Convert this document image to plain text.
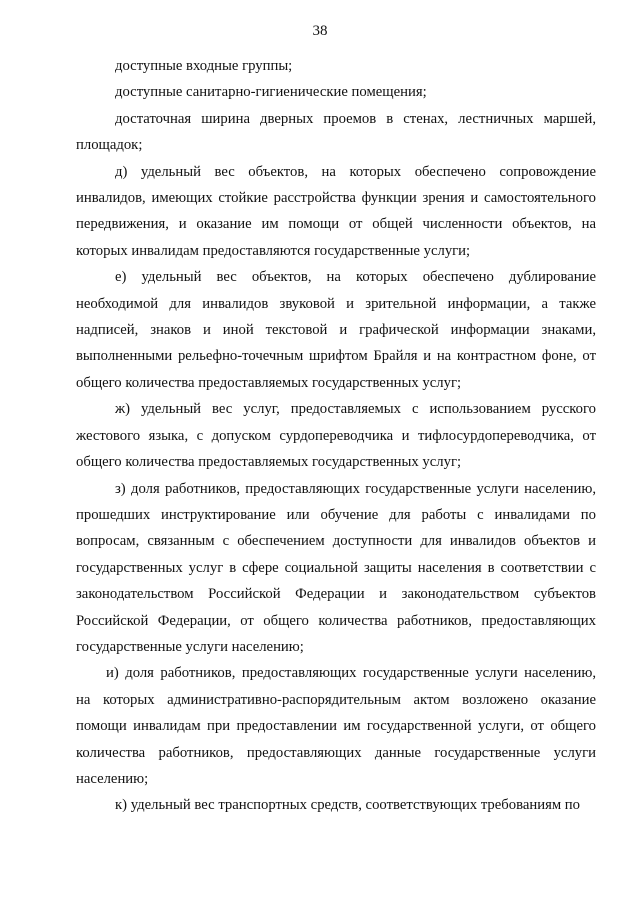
38

доступные входные группы;

доступные санитарно-гигиенические помещения;

достаточная ширина дверных проемов в стенах, лестничных маршей, площадок;

д) удельный вес объектов, на которых обеспечено сопровождение инвалидов, имеющих стойкие расстройства функции зрения и самостоятельного передвижения, и оказание им помощи от общей численности объектов, на которых инвалидам предоставляются государственные услуги;

е) удельный вес объектов, на которых обеспечено дублирование необходимой для инвалидов звуковой и зрительной информации, а также надписей, знаков и иной текстовой и графической информации знаками, выполненными рельефно-точечным шрифтом Брайля и на контрастном фоне, от общего количества предоставляемых государственных услуг;

ж) удельный вес услуг, предоставляемых с использованием русского жестового языка, с допуском сурдопереводчика и тифлосурдопереводчика, от общего количества предоставляемых государственных услуг;

з) доля работников, предоставляющих государственные услуги населению, прошедших инструктирование или обучение для работы с инвалидами по вопросам, связанным с обеспечением доступности для инвалидов объектов и государственных услуг в сфере социальной защиты населения в соответствии с законодательством Российской Федерации и законодательством субъектов Российской Федерации, от общего количества работников, предоставляющих государственные услуги населению;

и) доля работников, предоставляющих государственные услуги населению, на которых административно-распорядительным актом возложено оказание помощи инвалидам при предоставлении им государственной услуги, от общего количества работников, предоставляющих данные государственные услуги населению;

к) удельный вес транспортных средств, соответствующих требованиям по
